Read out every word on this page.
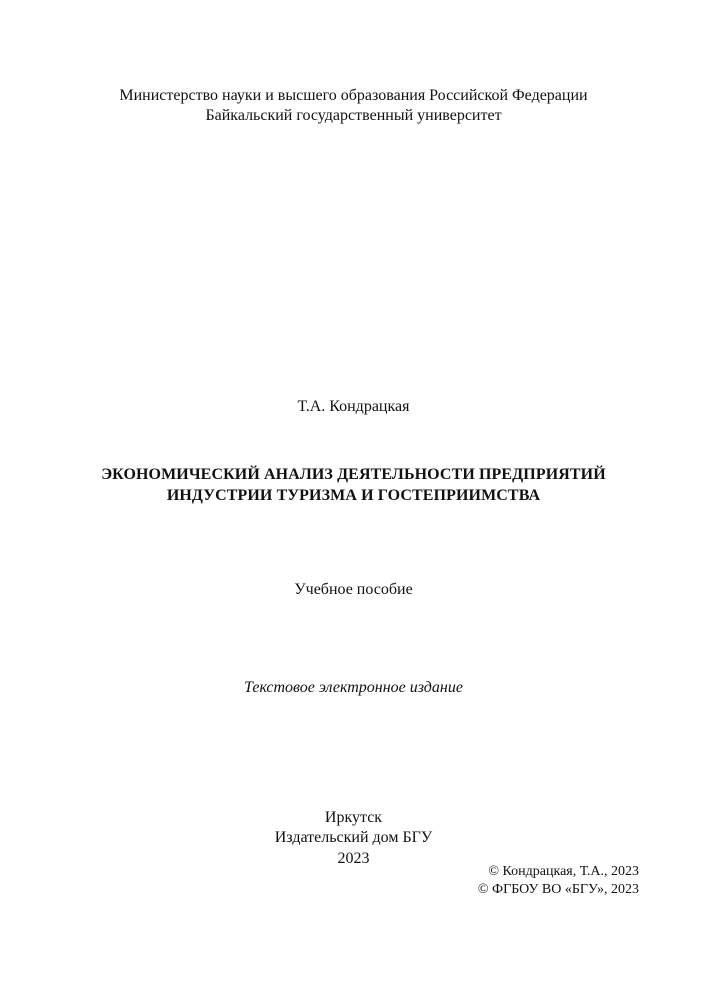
Министерство науки и высшего образования Российской Федерации
Байкальский государственный университет
Т.А. Кондрацкая
ЭКОНОМИЧЕСКИЙ АНАЛИЗ ДЕЯТЕЛЬНОСТИ ПРЕДПРИЯТИЙ
ИНДУСТРИИ ТУРИЗМА И ГОСТЕПРИИМСТВА
Учебное пособие
Текстовое электронное издание
Иркутск
Издательский дом БГУ
2023
© Кондрацкая, Т.А., 2023
© ФГБОУ ВО «БГУ», 2023
